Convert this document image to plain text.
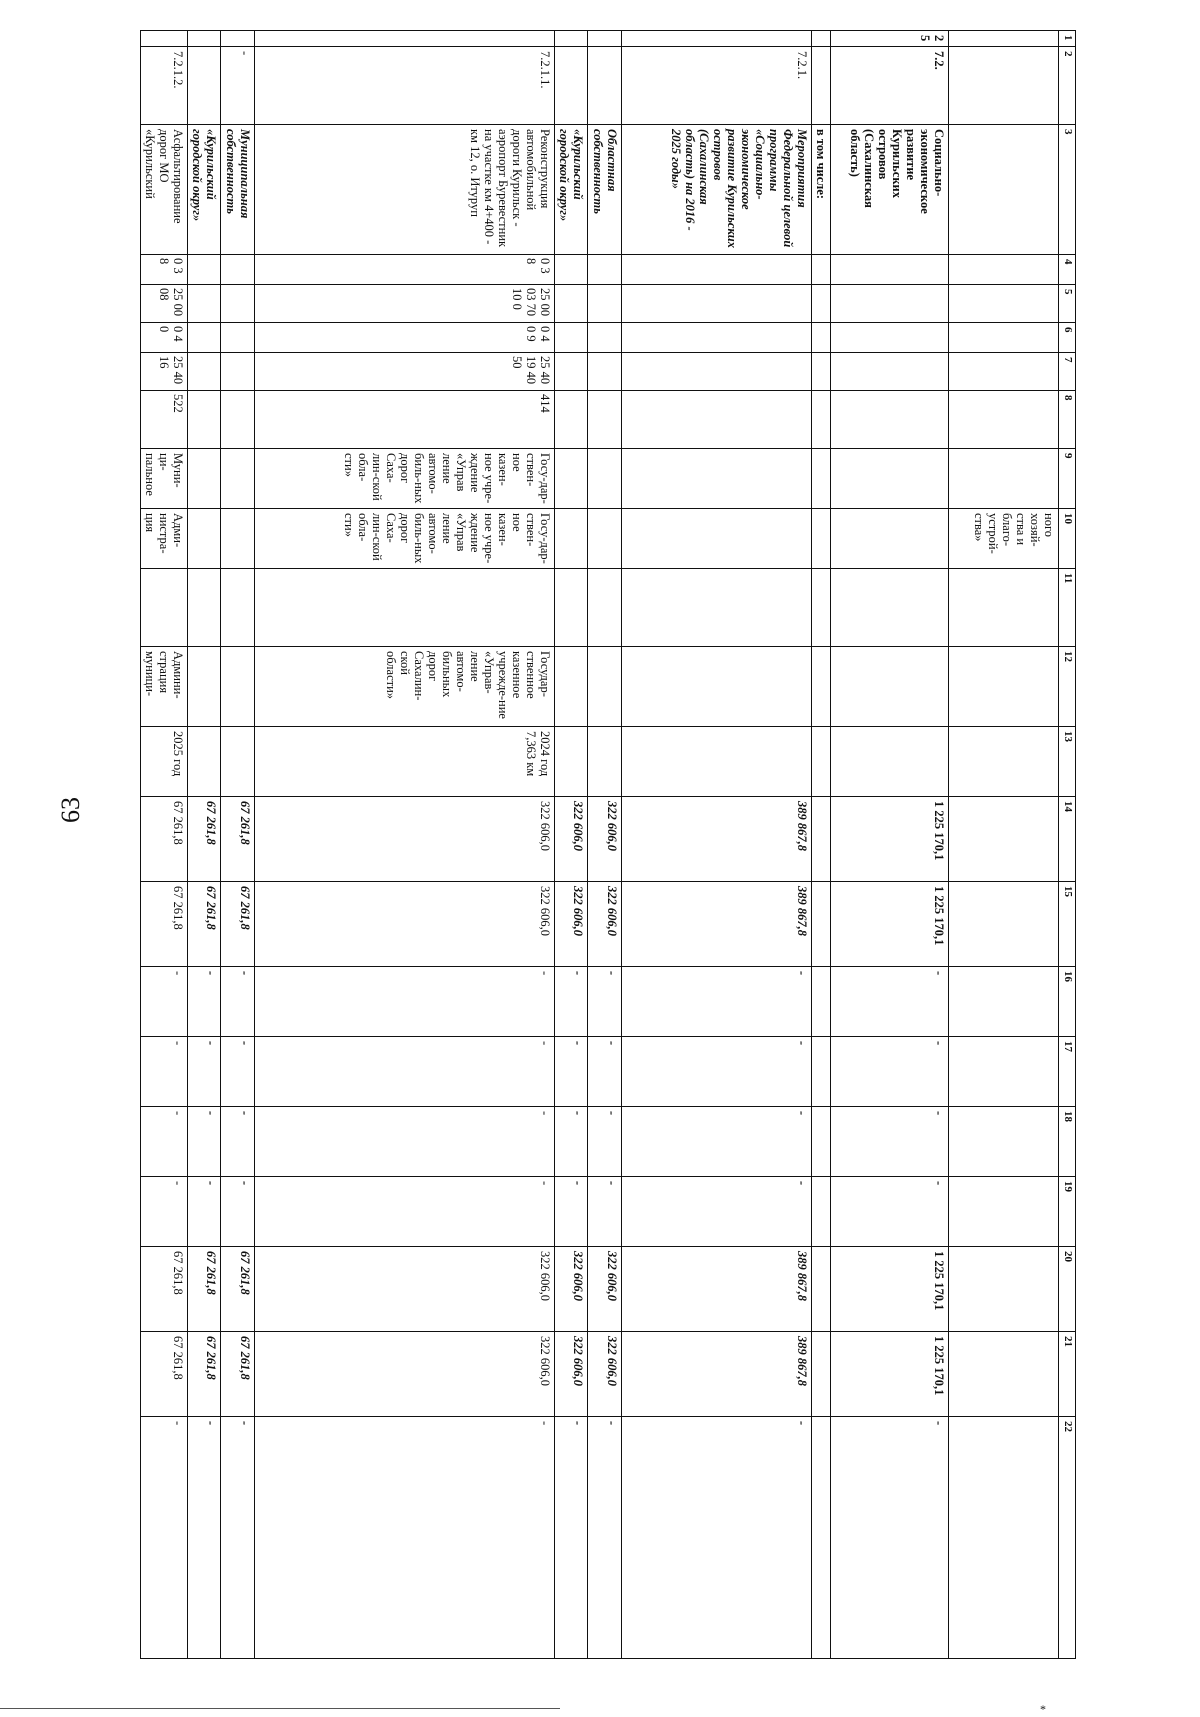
63
1	2	3	4	5	6	7	8	9	10	11	12	13	14	15	16	17	18	19	20	21	22
									ного хозяй-ства и благо-устрой-ства»												
2 5	7.2.	Социально-экономическое развитие Курильских островов (Сахалинская область)											1 225 170,1	1 225 170,1	-	-	-	-	1 225 170,1	1 225 170,1	-
		в том числе:																			
	7.2.1.	Мероприятия Федеральной целевой программы «Социально-экономическое развитие Курильских островов (Сахалинская область) на 2016 - 2025 годы»											389 867,8	389 867,8	-	-	-	-	389 867,8	389 867,8	-
		Областная собственность											322 606,0	322 606,0	-	-	-	-	322 606,0	322 606,0	-
		«Курильский городской округ»											322 606,0	322 606,0	-	-	-	-	322 606,0	322 606,0	-
	7.2.1.1.	Реконструкция автомобильной дороги Курильск - аэропорт Буревестник на участке км 4+400 - км 12, о. Итуруп	0 3 8	25 00 03 70 10 0	0 4 0 9	25 40 19 40 50	414	Госу-дар-ствен-ное казен-ное учре-ждение «Управ ление автомо-биль-ных дорог Саха-лин-ской обла-сти»	Госу-дар-ствен-ное казен-ное учре-ждение «Управ ление автомо-биль-ных дорог Саха-лин-ской обла-сти»		Государ-ственное казенное учрежде-ние «Управ-ление автомо-бильных дорог Сахалин-ской области»	2024 год 7,363 км	322 606,0	322 606,0	-	-	-	-	322 606,0	322 606,0	-
	-	Муниципальная собственность											67 261,8	67 261,8	-	-	-	-	67 261,8	67 261,8	-
		«Курильский городской округ»											67 261,8	67 261,8	-	-	-	-	67 261,8	67 261,8	-
	7.2.1.2.	Асфальтирование дорог МО «Курильский	0 3 8	25 00 08	0 4 0	25 40 16	522	Муни-ци-пальное	Адми-нистра-ция		Админи-страция муници-	2025 год	67 261,8	67 261,8	-	-	-	-	67 261,8	67 261,8	-
*
